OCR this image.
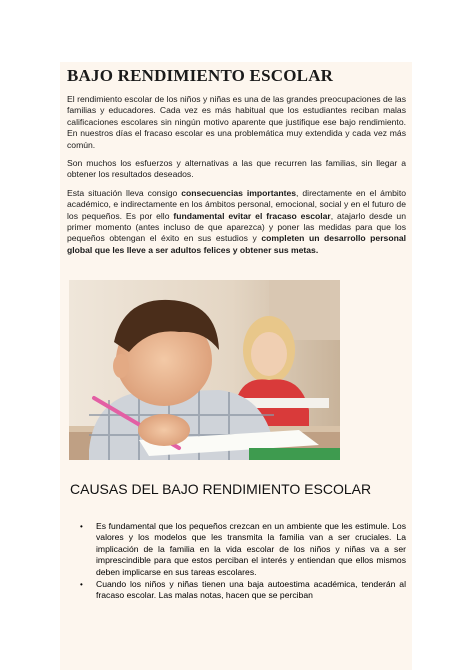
BAJO RENDIMIENTO ESCOLAR

El rendimiento escolar de los niños y niñas es una de las grandes preocupaciones de las familias y educadores. Cada vez es más habitual que los estudiantes reciban malas calificaciones escolares sin ningún motivo aparente que justifique ese bajo rendimiento. En nuestros días el fracaso escolar es una problemática muy extendida y cada vez más común.

Son muchos los esfuerzos y alternativas a las que recurren las familias, sin llegar a obtener los resultados deseados.

Esta situación lleva consigo consecuencias importantes, directamente en el ámbito académico, e indirectamente en los ámbitos personal, emocional, social y en el futuro de los pequeños. Es por ello fundamental evitar el fracaso escolar, atajarlo desde un primer momento (antes incluso de que aparezca) y poner las medidas para que los pequeños obtengan el éxito en sus estudios y completen un desarrollo personal global que les lleve a ser adultos felices y obtener sus metas.

CAUSAS DEL BAJO RENDIMIENTO ESCOLAR
• Es fundamental que los pequeños crezcan en un ambiente que les estimule. Los valores y los modelos que les transmita la familia van a ser cruciales. La implicación de la familia en la vida escolar de los niños y niñas va a ser imprescindible para que estos perciban el interés y entiendan que ellos mismos deben implicarse en sus tareas escolares.
• Cuando los niños y niñas tienen una baja autoestima académica, tenderán al fracaso escolar. Las malas notas, hacen que se perciban
